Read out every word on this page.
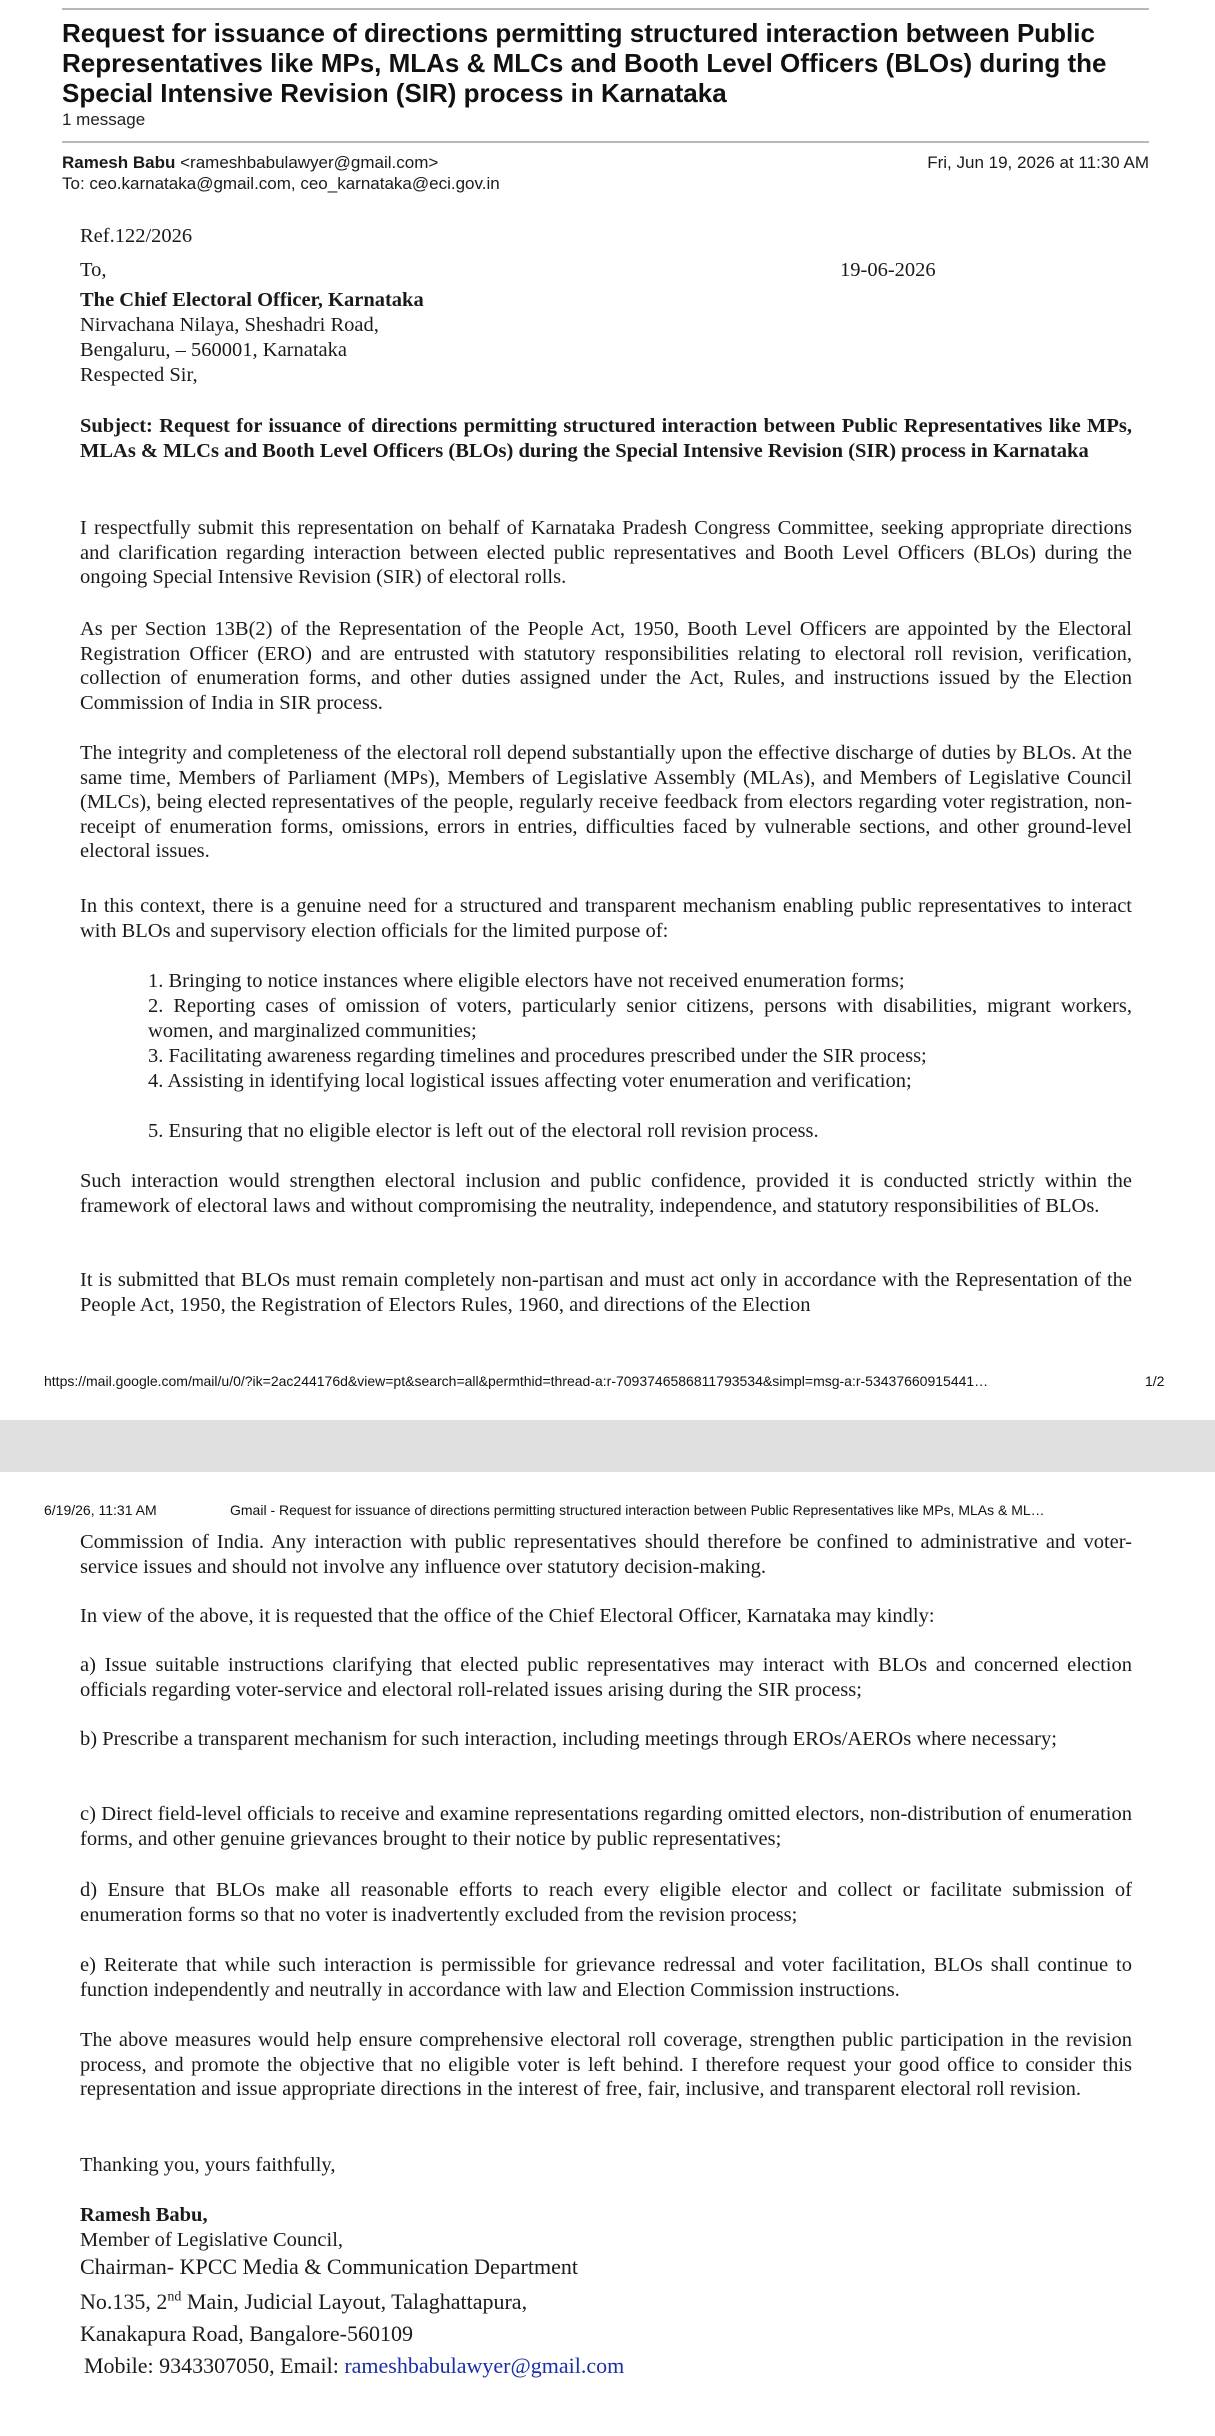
Request for issuance of directions permitting structured interaction between Public Representatives like MPs, MLAs & MLCs and Booth Level Officers (BLOs) during the Special Intensive Revision (SIR) process in Karnataka
1 message
Ramesh Babu <rameshbabulawyer@gmail.com>	Fri, Jun 19, 2026 at 11:30 AM
To: ceo.karnataka@gmail.com, ceo_karnataka@eci.gov.in
Ref.122/2026
To,	19-06-2026
The Chief Electoral Officer, Karnataka
Nirvachana Nilaya, Sheshadri Road,
Bengaluru, – 560001, Karnataka
Respected Sir,

Subject: Request for issuance of directions permitting structured interaction between Public Representatives like MPs, MLAs & MLCs and Booth Level Officers (BLOs) during the Special Intensive Revision (SIR) process in Karnataka

I respectfully submit this representation on behalf of Karnataka Pradesh Congress Committee, seeking appropriate directions and clarification regarding interaction between elected public representatives and Booth Level Officers (BLOs) during the ongoing Special Intensive Revision (SIR) of electoral rolls.

As per Section 13B(2) of the Representation of the People Act, 1950, Booth Level Officers are appointed by the Electoral Registration Officer (ERO) and are entrusted with statutory responsibilities relating to electoral roll revision, verification, collection of enumeration forms, and other duties assigned under the Act, Rules, and instructions issued by the Election Commission of India in SIR process.

The integrity and completeness of the electoral roll depend substantially upon the effective discharge of duties by BLOs. At the same time, Members of Parliament (MPs), Members of Legislative Assembly (MLAs), and Members of Legislative Council (MLCs), being elected representatives of the people, regularly receive feedback from electors regarding voter registration, non-receipt of enumeration forms, omissions, errors in entries, difficulties faced by vulnerable sections, and other ground-level electoral issues.

In this context, there is a genuine need for a structured and transparent mechanism enabling public representatives to interact with BLOs and supervisory election officials for the limited purpose of:

1. Bringing to notice instances where eligible electors have not received enumeration forms;
2. Reporting cases of omission of voters, particularly senior citizens, persons with disabilities, migrant workers, women, and marginalized communities;
3. Facilitating awareness regarding timelines and procedures prescribed under the SIR process;
4. Assisting in identifying local logistical issues affecting voter enumeration and verification;
5. Ensuring that no eligible elector is left out of the electoral roll revision process.

Such interaction would strengthen electoral inclusion and public confidence, provided it is conducted strictly within the framework of electoral laws and without compromising the neutrality, independence, and statutory responsibilities of BLOs.

It is submitted that BLOs must remain completely non-partisan and must act only in accordance with the Representation of the People Act, 1950, the Registration of Electors Rules, 1960, and directions of the Election

https://mail.google.com/mail/u/0/?ik=2ac244176d&view=pt&search=all&permthid=thread-a:r-7093746586811793534&simpl=msg-a:r-53437660915441…	1/2
6/19/26, 11:31 AM	Gmail - Request for issuance of directions permitting structured interaction between Public Representatives like MPs, MLAs & ML…

Commission of India. Any interaction with public representatives should therefore be confined to administrative and voter-service issues and should not involve any influence over statutory decision-making.

In view of the above, it is requested that the office of the Chief Electoral Officer, Karnataka may kindly:

a) Issue suitable instructions clarifying that elected public representatives may interact with BLOs and concerned election officials regarding voter-service and electoral roll-related issues arising during the SIR process;

b) Prescribe a transparent mechanism for such interaction, including meetings through EROs/AEROs where necessary;

c) Direct field-level officials to receive and examine representations regarding omitted electors, non-distribution of enumeration forms, and other genuine grievances brought to their notice by public representatives;

d) Ensure that BLOs make all reasonable efforts to reach every eligible elector and collect or facilitate submission of enumeration forms so that no voter is inadvertently excluded from the revision process;

e) Reiterate that while such interaction is permissible for grievance redressal and voter facilitation, BLOs shall continue to function independently and neutrally in accordance with law and Election Commission instructions.

The above measures would help ensure comprehensive electoral roll coverage, strengthen public participation in the revision process, and promote the objective that no eligible voter is left behind. I therefore request your good office to consider this representation and issue appropriate directions in the interest of free, fair, inclusive, and transparent electoral roll revision.

Thanking you, yours faithfully,
Ramesh Babu,
Member of Legislative Council,
Chairman- KPCC Media & Communication Department
No.135, 2nd Main, Judicial Layout, Talaghattapura,
Kanakapura Road, Bangalore-560109
Mobile: 9343307050, Email: rameshbabulawyer@gmail.com
